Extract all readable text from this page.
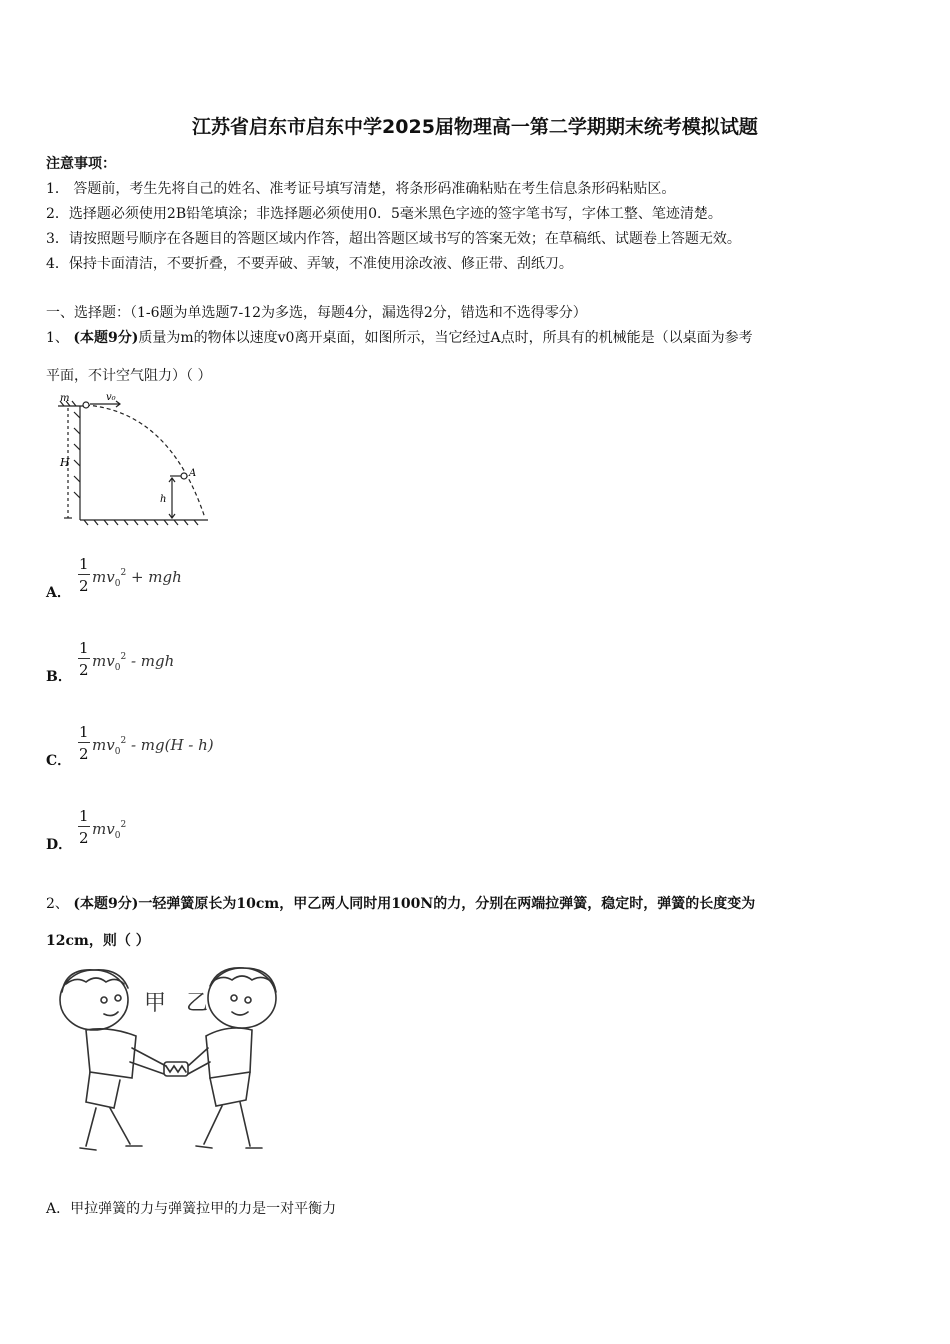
江苏省启东市启东中学2025届物理高一第二学期期末统考模拟试题
注意事项：
1． 答题前，考生先将自己的姓名、准考证号填写清楚，将条形码准确粘贴在考生信息条形码粘贴区。
2．选择题必须使用2B铅笔填涂；非选择题必须使用0．5毫米黑色字迹的签字笔书写，字体工整、笔迹清楚。
3．请按照题号顺序在各题目的答题区域内作答，超出答题区域书写的答案无效；在草稿纸、试题卷上答题无效。
4．保持卡面清洁，不要折叠，不要弄破、弄皱，不准使用涂改液、修正带、刮纸刀。
一、选择题：（1-6题为单选题7-12为多选，每题4分，漏选得2分，错选和不选得零分）
1、 (本题9分)质量为m的物体以速度v0离开桌面，如图所示，当它经过A点时，所具有的机械能是（以桌面为参考
平面，不计空气阻力）（ ）
m	v₀
H
A
h
A．
1
2 $mv_0^2$ + mgh
B．
1
2 $mv_0^2$ - mgh
C．
1
2 $mv_0^2 - mg(H - h)$
D．
1
2 $mv_0^2$
2、 (本题9分)一轻弹簧原长为10cm，甲乙两人同时用100N的力，分别在两端拉弹簧，稳定时，弹簧的长度变为
12cm，则（ ）
甲 乙
A．甲拉弹簧的力与弹簧拉甲的力是一对平衡力
